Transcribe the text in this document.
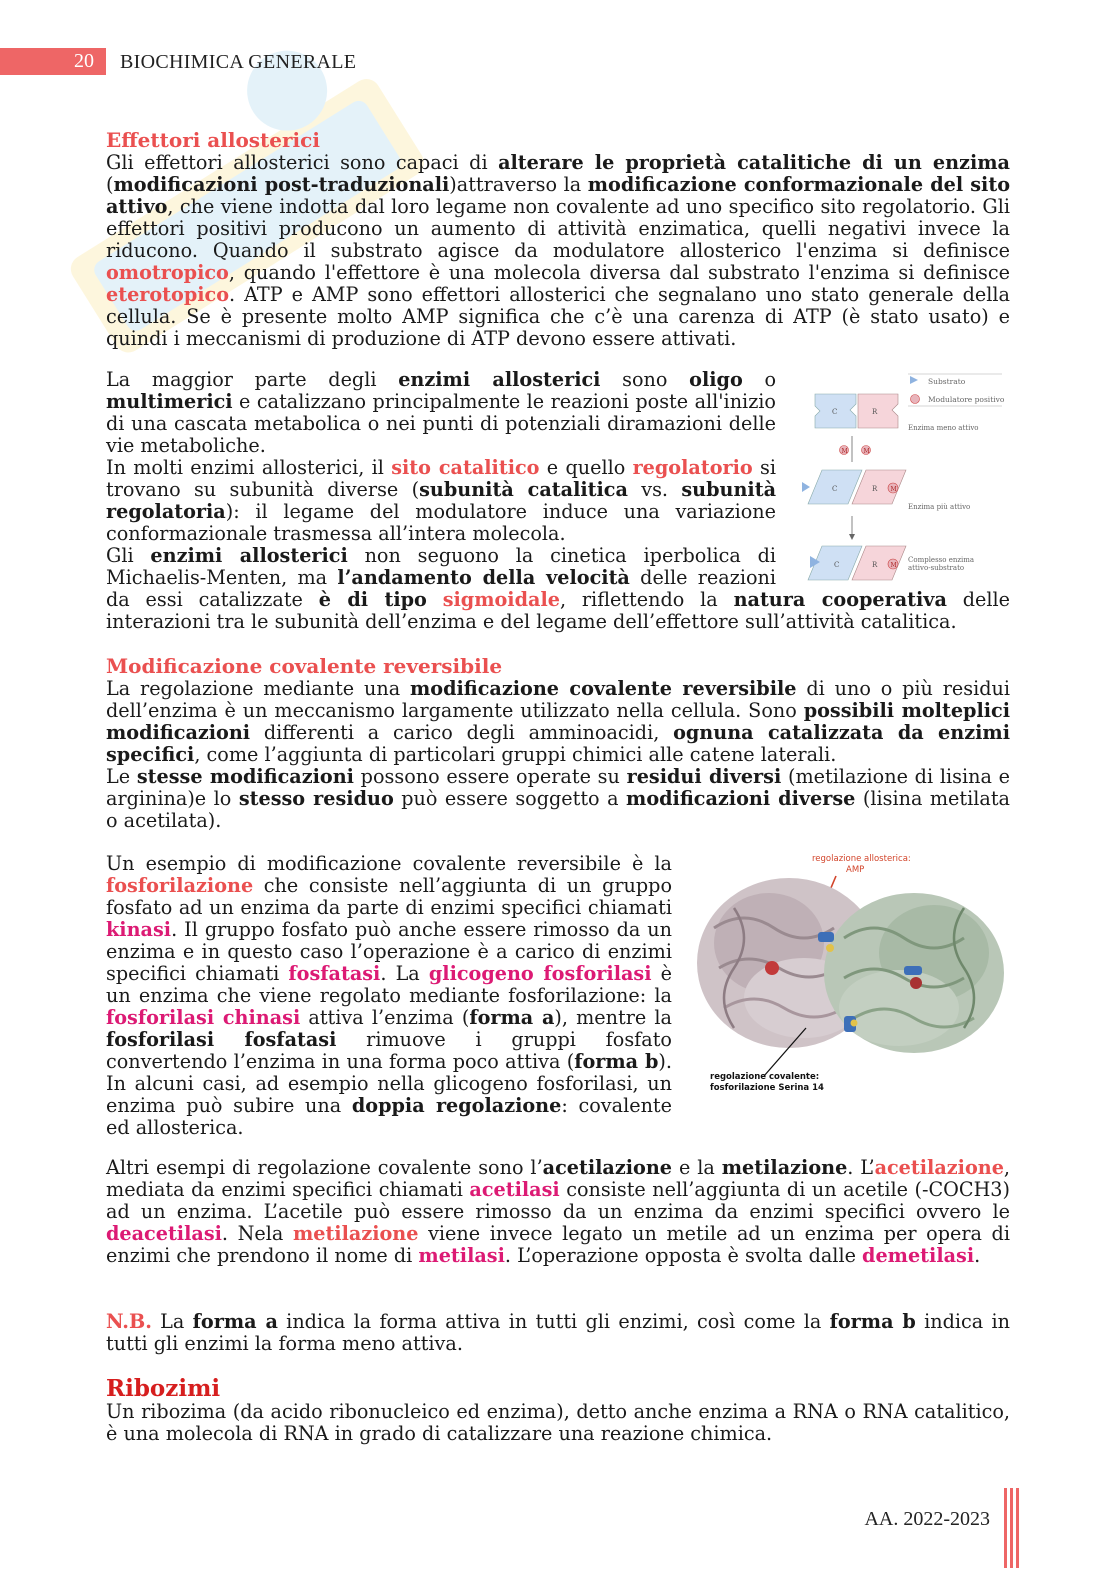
20 BIOCHIMICA GENERALE
Effettori allosterici

Gli effettori allosterici sono capaci di alterare le proprietà catalitiche di un enzima (modificazioni post-traduzionali)attraverso la modificazione conformazionale del sito attivo, che viene indotta dal loro legame non covalente ad uno specifico sito regolatorio. Gli effettori positivi producono un aumento di attività enzimatica, quelli negativi invece la riducono. Quando il substrato agisce da modulatore allosterico l'enzima si definisce omotropico, quando l'effettore è una molecola diversa dal substrato l'enzima si definisce eterotopico. ATP e AMP sono effettori allosterici che segnalano uno stato generale della cellula. Se è presente molto AMP significa che c’è una carenza di ATP (è stato usato) e quindi i meccanismi di produzione di ATP devono essere attivati.

La maggior parte degli enzimi allosterici sono oligo o multimerici e catalizzano principalmente le reazioni poste all'inizio di una cascata metabolica o nei punti di potenziali diramazioni delle vie metaboliche.

In molti enzimi allosterici, il sito catalitico e quello regolatorio si trovano su subunità diverse (subunità catalitica vs. subunità regolatoria): il legame del modulatore induce una variazione conformazionale trasmessa all’intera molecola.

Gli enzimi allosterici non seguono la cinetica iperbolica di Michaelis-Menten, ma l’andamento della velocità delle reazioni

da essi catalizzate è di tipo sigmoidale, riflettendo la natura cooperativa delle interazioni tra le subunità dell’enzima e del legame dell’effettore sull’attività catalitica.

Substrato
Modulatore positivo
C	R
Enzima meno attivo
M	M
C	R M
Enzima più attivo
C	R M
Complesso enzima attivo-substrato
Modificazione covalente reversibile

La regolazione mediante una modificazione covalente reversibile di uno o più residui dell’enzima è un meccanismo largamente utilizzato nella cellula. Sono possibili molteplici modificazioni differenti a carico degli amminoacidi, ognuna catalizzata da enzimi specifici, come l’aggiunta di particolari gruppi chimici alle catene laterali.

Le stesse modificazioni possono essere operate su residui diversi (metilazione di lisina e arginina)e lo stesso residuo può essere soggetto a modificazioni diverse (lisina metilata o acetilata).

Un esempio di modificazione covalente reversibile è la fosforilazione che consiste nell’aggiunta di un gruppo fosfato ad un enzima da parte di enzimi specifici chiamati kinasi. Il gruppo fosfato può anche essere rimosso da un enzima e in questo caso l’operazione è a carico di enzimi specifici chiamati fosfatasi. La glicogeno fosforilasi è un enzima che viene regolato mediante fosforilazione: la fosforilasi chinasi attiva l’enzima (forma a), mentre la fosforilasi fosfatasi rimuove i gruppi fosfato convertendo l’enzima in una forma poco attiva (forma b). In alcuni casi, ad esempio nella glicogeno fosforilasi, un enzima può subire una doppia regolazione: covalente ed allosterica.

regolazione allosterica:
AMP
regolazione covalente:
fosforilazione Serina 14

Altri esempi di regolazione covalente sono l’acetilazione e la metilazione. L’acetilazione, mediata da enzimi specifici chiamati acetilasi consiste nell’aggiunta di un acetile (-COCH3) ad un enzima. L’acetile può essere rimosso da un enzima da enzimi specifici ovvero le deacetilasi. Nela metilazione viene invece legato un metile ad un enzima per opera di enzimi che prendono il nome di metilasi. L’operazione opposta è svolta dalle demetilasi.

N.B. La forma a indica la forma attiva in tutti gli enzimi, così come la forma b indica in tutti gli enzimi la forma meno attiva.

Ribozimi

Un ribozima (da acido ribonucleico ed enzima), detto anche enzima a RNA o RNA catalitico, è una molecola di RNA in grado di catalizzare una reazione chimica.

AA. 2022-2023
